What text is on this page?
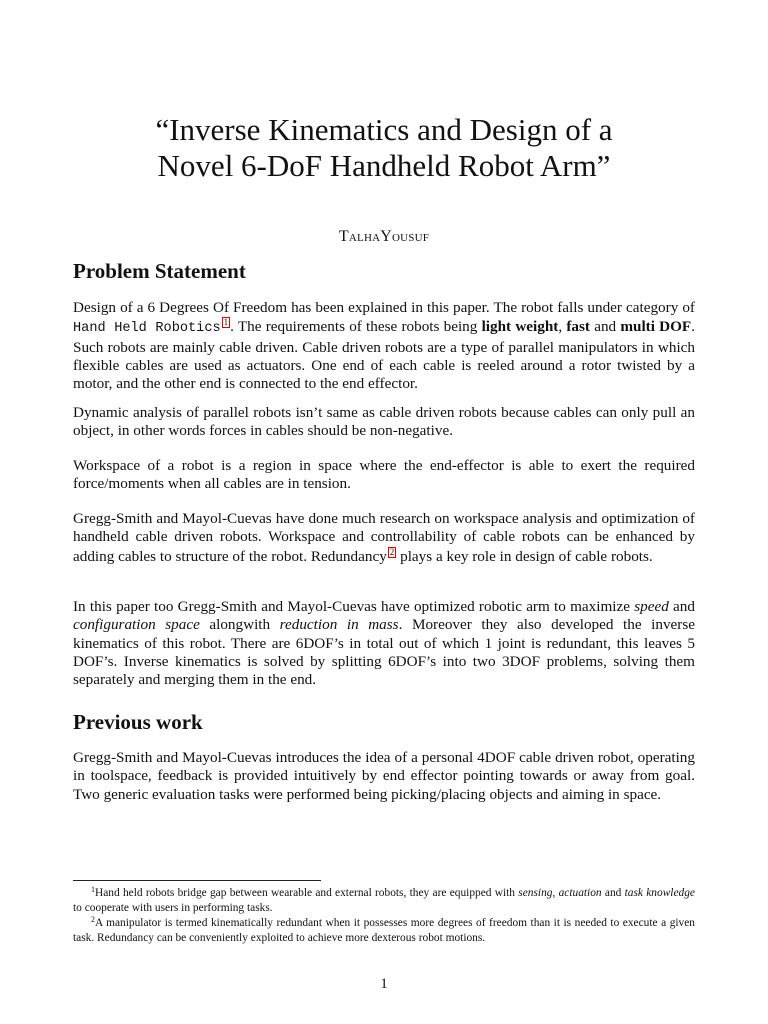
“Inverse Kinematics and Design of a
Novel 6-DoF Handheld Robot Arm”
TalhaYousuf
Problem Statement

Design of a 6 Degrees Of Freedom has been explained in this paper. The robot falls under category of Hand Held Robotics 1 . The requirements of these robots being light weight, fast and multi DOF. Such robots are mainly cable driven. Cable driven robots are a type of parallel manipulators in which flexible cables are used as actuators. One end of each cable is reeled around a rotor twisted by a motor, and the other end is connected to the end effector.

Dynamic analysis of parallel robots isn’t same as cable driven robots because cables can only pull an object, in other words forces in cables should be non-negative.

Workspace of a robot is a region in space where the end-effector is able to exert the required force/moments when all cables are in tension.

Gregg-Smith and Mayol-Cuevas have done much research on workspace analysis and optimization of handheld cable driven robots. Workspace and controllability of cable robots can be enhanced by adding cables to structure of the robot. Redundancy 2 plays a key role in design of cable robots.

In this paper too Gregg-Smith and Mayol-Cuevas have optimized robotic arm to maximize speed and configuration space alongwith reduction in mass. Moreover they also developed the inverse kinematics of this robot. There are 6DOF’s in total out of which 1 joint is redundant, this leaves 5 DOF’s. Inverse kinematics is solved by splitting 6DOF’s into two 3DOF problems, solving them separately and merging them in the end.

Previous work

Gregg-Smith and Mayol-Cuevas introduces the idea of a personal 4DOF cable driven robot, operating in toolspace, feedback is provided intuitively by end effector pointing towards or away from goal. Two generic evaluation tasks were performed being picking/placing objects and aiming in space.

$^1$Hand held robots bridge gap between wearable and external robots, they are equipped with sensing, actuation and task knowledge to cooperate with users in performing tasks.

$^2$A manipulator is termed kinematically redundant when it possesses more degrees of freedom than it is needed to execute a given task. Redundancy can be conveniently exploited to achieve more dexterous robot motions.

1
